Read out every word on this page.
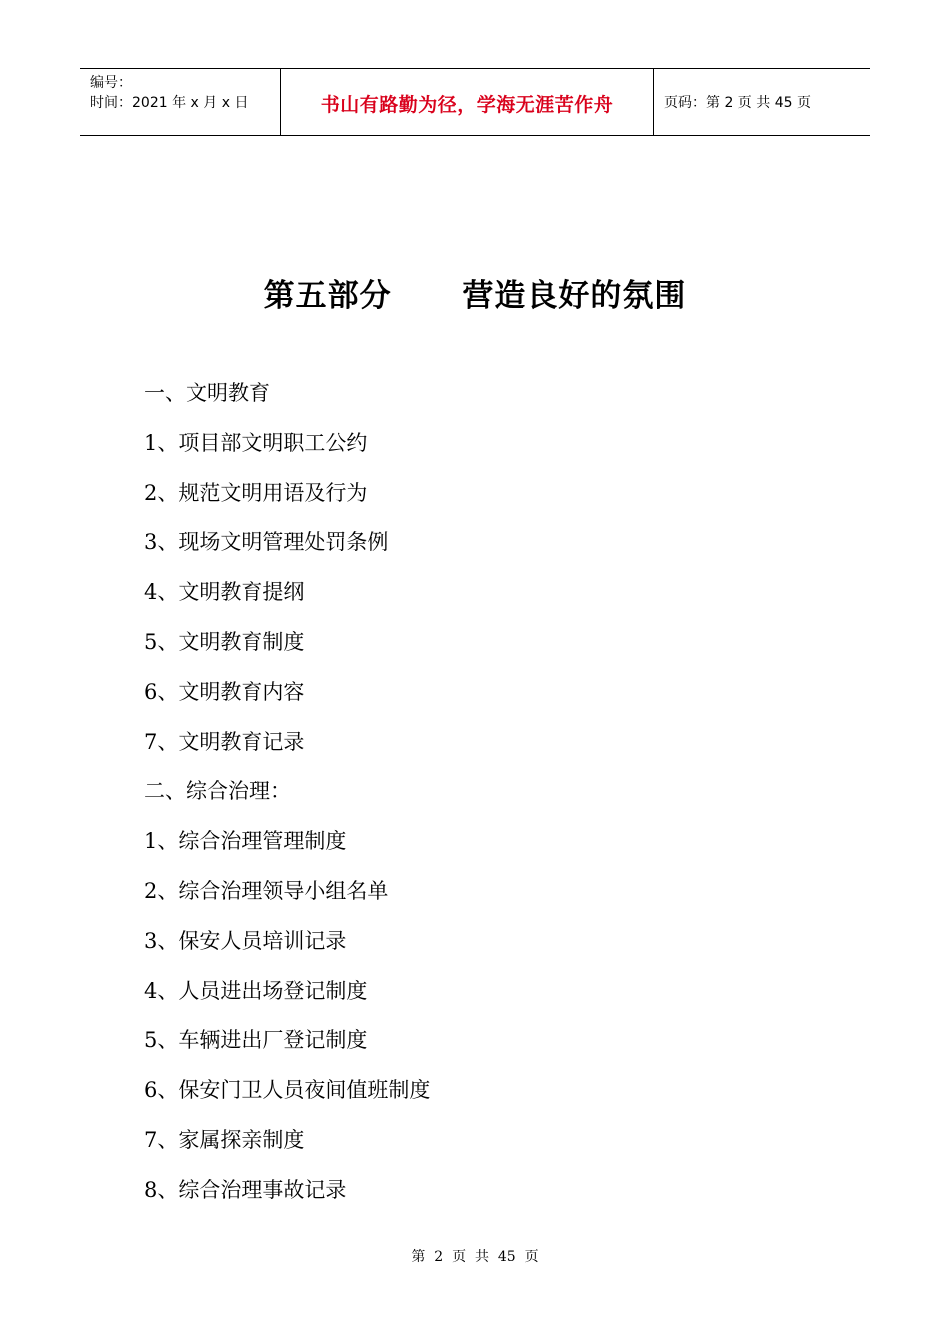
编号：
时间：2021 年 x 月 x 日	书山有路勤为径，学海无涯苦作舟	页码：第 2 页 共 45 页
第五部分      营造良好的氛围
一、文明教育
1、项目部文明职工公约
2、规范文明用语及行为
3、现场文明管理处罚条例
4、文明教育提纲
5、文明教育制度
6、文明教育内容
7、文明教育记录
二、综合治理：
1、综合治理管理制度
2、综合治理领导小组名单
3、保安人员培训记录
4、人员进出场登记制度
5、车辆进出厂登记制度
6、保安门卫人员夜间值班制度
7、家属探亲制度
8、综合治理事故记录
第  2  页  共  45  页
